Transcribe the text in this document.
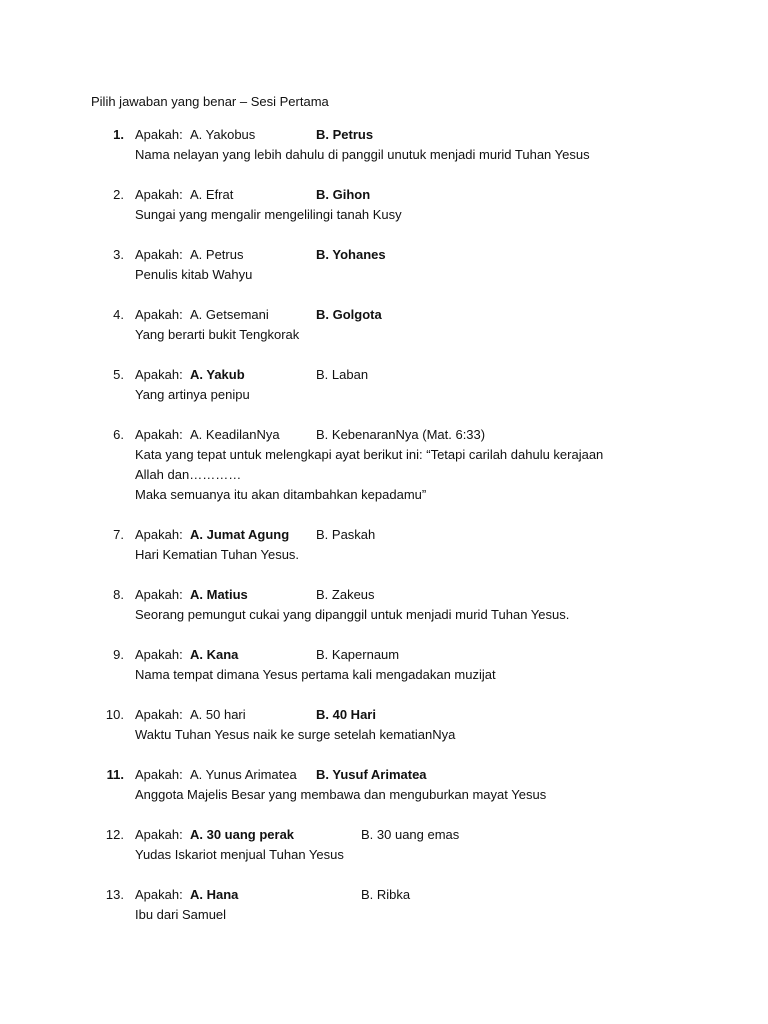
Pilih jawaban yang benar – Sesi Pertama
1. Apakah: A. Yakobus	B. Petrus
Nama nelayan yang lebih dahulu di panggil unutuk menjadi murid Tuhan Yesus
2. Apakah: A. Efrat	B. Gihon
Sungai yang mengalir mengelilingi tanah Kusy
3. Apakah: A. Petrus	B. Yohanes
Penulis kitab Wahyu
4. Apakah: A. Getsemani	B. Golgota
Yang berarti bukit Tengkorak
5. Apakah: A. Yakub	B. Laban
Yang artinya penipu
6. Apakah: A. KeadilanNya	B. KebenaranNya (Mat. 6:33)
Kata yang tepat untuk melengkapi ayat berikut ini: “Tetapi carilah dahulu kerajaan Allah dan…………
Maka semuanya itu akan ditambahkan kepadamu”
7. Apakah: A. Jumat Agung B. Paskah
Hari Kematian Tuhan Yesus.
8. Apakah: A. Matius	B. Zakeus
Seorang pemungut cukai yang dipanggil untuk menjadi murid Tuhan Yesus.
9. Apakah: A. Kana	B. Kapernaum
Nama tempat dimana Yesus pertama kali mengadakan muzijat
10. Apakah: A. 50 hari	B. 40 Hari
Waktu Tuhan Yesus naik ke surge setelah kematianNya
11. Apakah: A. Yunus Arimatea B. Yusuf Arimatea
Anggota Majelis Besar yang membawa dan menguburkan mayat Yesus
12. Apakah: A. 30 uang perak	B. 30 uang emas
Yudas Iskariot menjual Tuhan Yesus
13. Apakah: A. Hana	B. Ribka
Ibu dari Samuel
